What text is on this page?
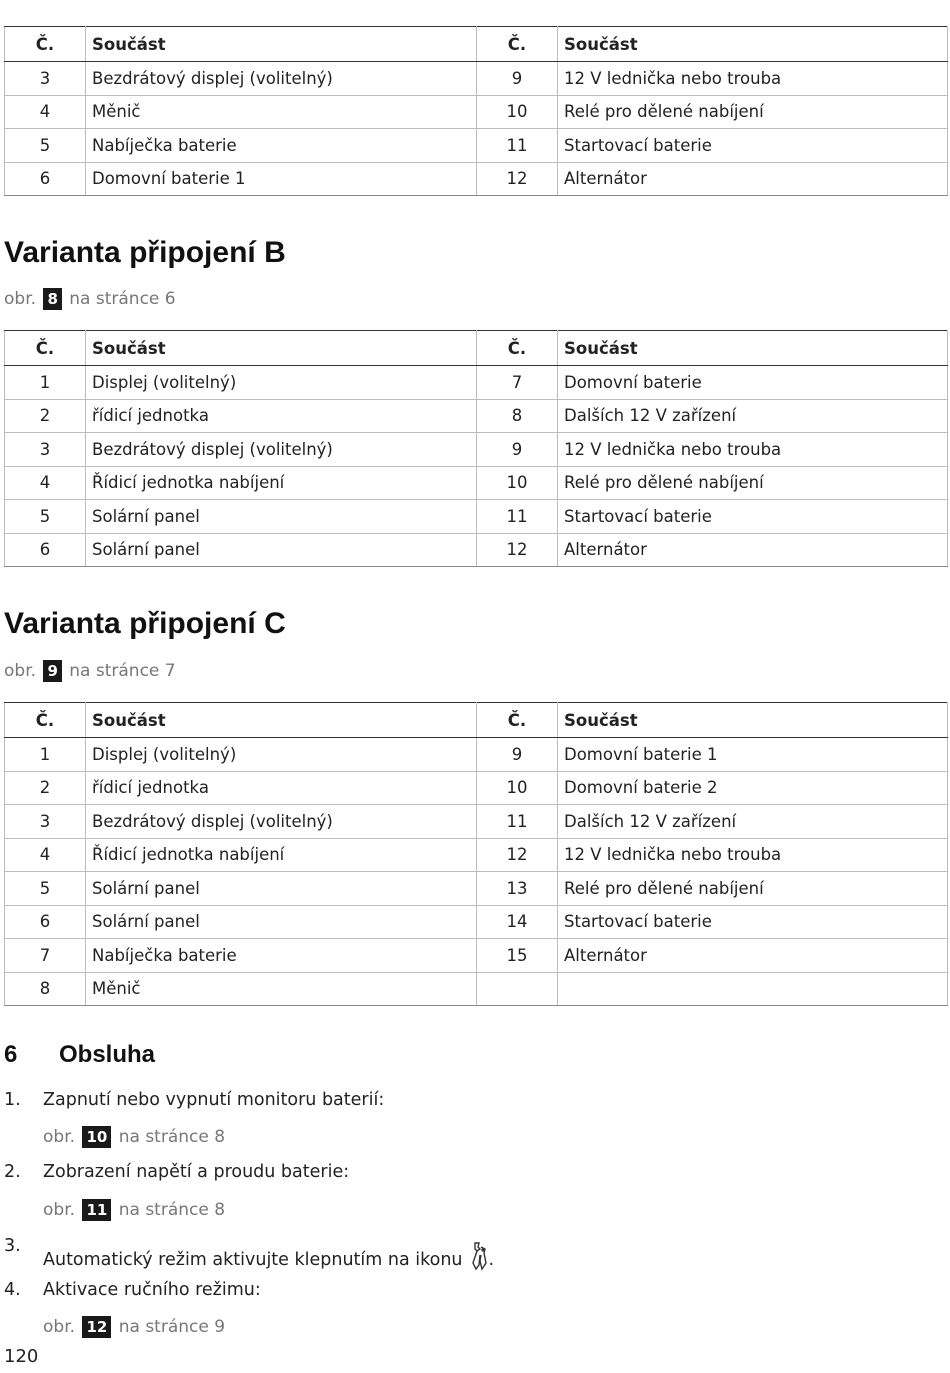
Č.	Součást	Č.	Součást
3	Bezdrátový displej (volitelný)	9	12 V lednička nebo trouba
4	Měnič	10	Relé pro dělené nabíjení
5	Nabíječka baterie	11	Startovací baterie
6	Domovní baterie 1	12	Alternátor
Varianta připojení B
obr. 8 na stránce 6
Č.	Součást	Č.	Součást
1	Displej (volitelný)	7	Domovní baterie
2	řídicí jednotka	8	Dalších 12 V zařízení
3	Bezdrátový displej (volitelný)	9	12 V lednička nebo trouba
4	Řídicí jednotka nabíjení	10	Relé pro dělené nabíjení
5	Solární panel	11	Startovací baterie
6	Solární panel	12	Alternátor
Varianta připojení C
obr. 9 na stránce 7
Č.	Součást	Č.	Součást
1	Displej (volitelný)	9	Domovní baterie 1
2	řídicí jednotka	10	Domovní baterie 2
3	Bezdrátový displej (volitelný)	11	Dalších 12 V zařízení
4	Řídicí jednotka nabíjení	12	12 V lednička nebo trouba
5	Solární panel	13	Relé pro dělené nabíjení
6	Solární panel	14	Startovací baterie
7	Nabíječka baterie	15	Alternátor
8	Měnič		
6 Obsluha
1. Zapnutí nebo vypnutí monitoru baterií:
obr. 10 na stránce 8
2. Zobrazení napětí a proudu baterie:
obr. 11 na stránce 8
3.Automatický režim aktivujte klepnutím na ikonu .
4. Aktivace ručního režimu:
obr. 12 na stránce 9
120
